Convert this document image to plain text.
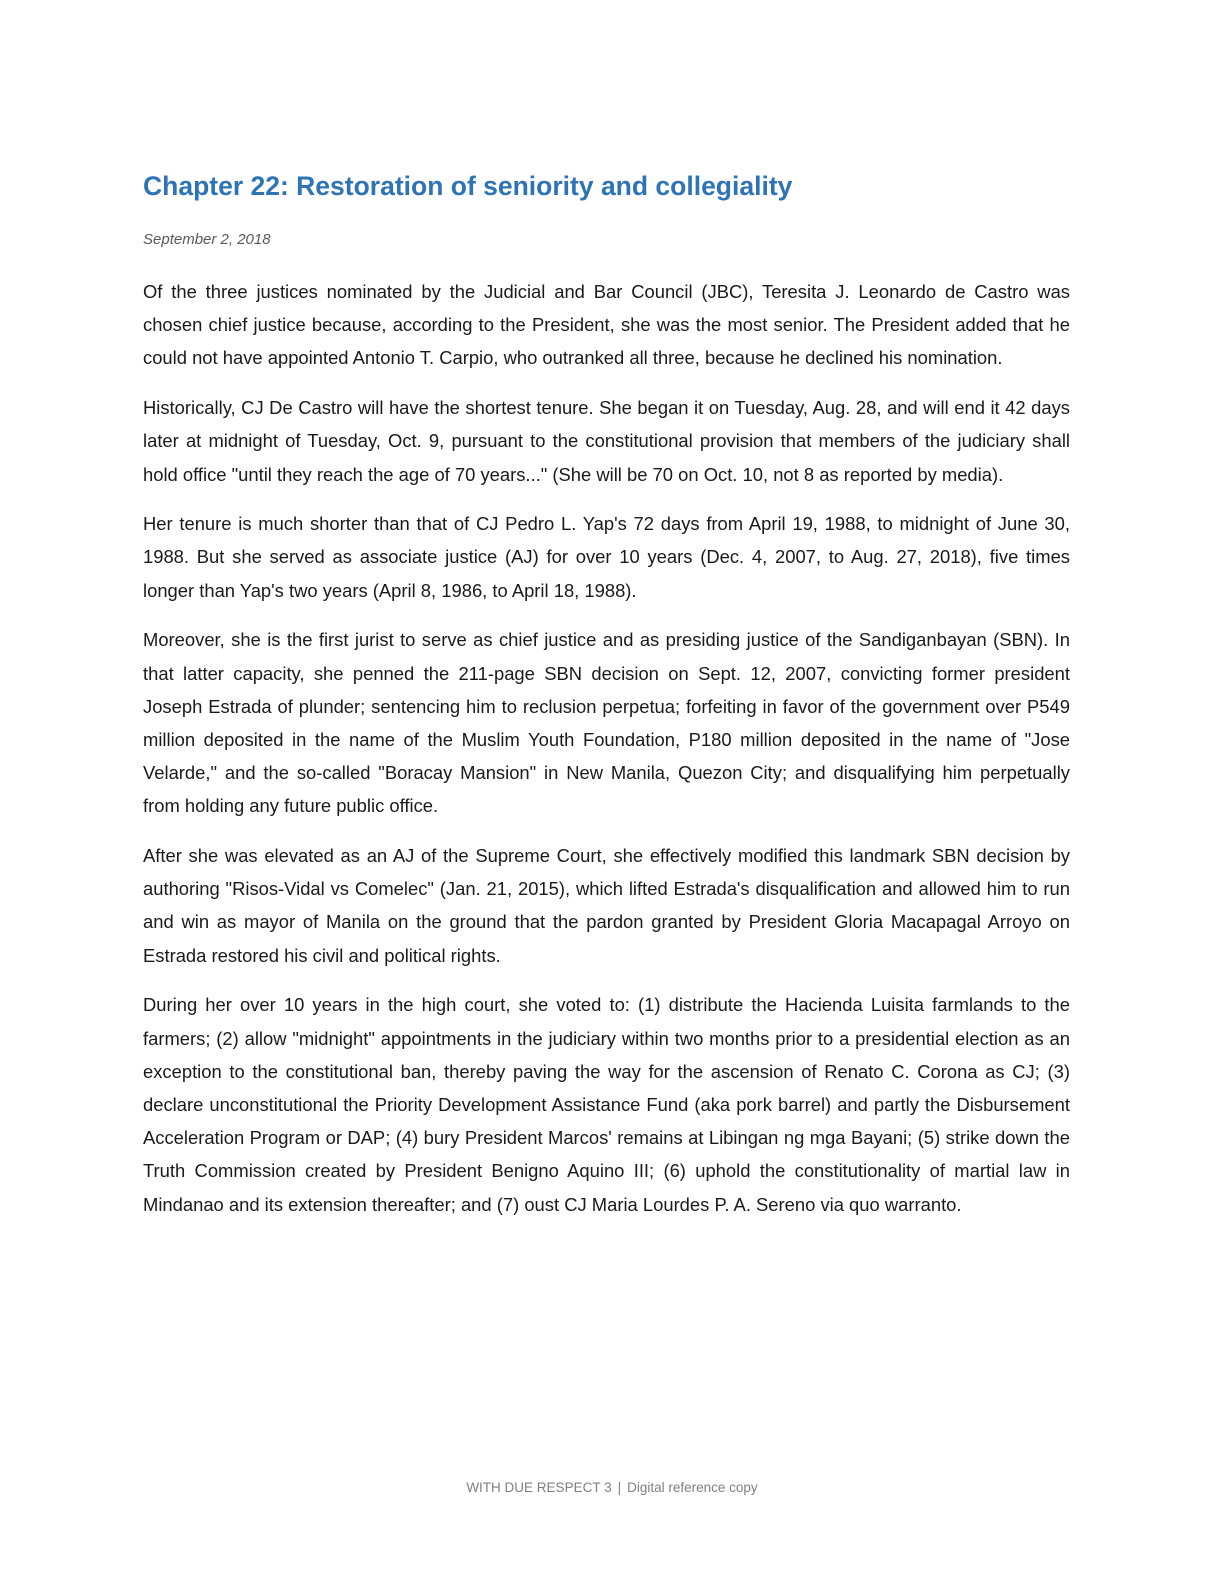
Chapter 22: Restoration of seniority and collegiality
September 2, 2018

Of the three justices nominated by the Judicial and Bar Council (JBC), Teresita J. Leonardo de Castro was chosen chief justice because, according to the President, she was the most senior. The President added that he could not have appointed Antonio T. Carpio, who outranked all three, because he declined his nomination.

Historically, CJ De Castro will have the shortest tenure. She began it on Tuesday, Aug. 28, and will end it 42 days later at midnight of Tuesday, Oct. 9, pursuant to the constitutional provision that members of the judiciary shall hold office "until they reach the age of 70 years..." (She will be 70 on Oct. 10, not 8 as reported by media).

Her tenure is much shorter than that of CJ Pedro L. Yap's 72 days from April 19, 1988, to midnight of June 30, 1988. But she served as associate justice (AJ) for over 10 years (Dec. 4, 2007, to Aug. 27, 2018), five times longer than Yap's two years (April 8, 1986, to April 18, 1988).

Moreover, she is the first jurist to serve as chief justice and as presiding justice of the Sandiganbayan (SBN). In that latter capacity, she penned the 211-page SBN decision on Sept. 12, 2007, convicting former president Joseph Estrada of plunder; sentencing him to reclusion perpetua; forfeiting in favor of the government over P549 million deposited in the name of the Muslim Youth Foundation, P180 million deposited in the name of "Jose Velarde," and the so-called "Boracay Mansion" in New Manila, Quezon City; and disqualifying him perpetually from holding any future public office.

After she was elevated as an AJ of the Supreme Court, she effectively modified this landmark SBN decision by authoring "Risos-Vidal vs Comelec" (Jan. 21, 2015), which lifted Estrada's disqualification and allowed him to run and win as mayor of Manila on the ground that the pardon granted by President Gloria Macapagal Arroyo on Estrada restored his civil and political rights.

During her over 10 years in the high court, she voted to: (1) distribute the Hacienda Luisita farmlands to the farmers; (2) allow "midnight" appointments in the judiciary within two months prior to a presidential election as an exception to the constitutional ban, thereby paving the way for the ascension of Renato C. Corona as CJ; (3) declare unconstitutional the Priority Development Assistance Fund (aka pork barrel) and partly the Disbursement Acceleration Program or DAP; (4) bury President Marcos' remains at Libingan ng mga Bayani; (5) strike down the Truth Commission created by President Benigno Aquino III; (6) uphold the constitutionality of martial law in Mindanao and its extension thereafter; and (7) oust CJ Maria Lourdes P. A. Sereno via quo warranto.

WITH DUE RESPECT 3 | Digital reference copy
